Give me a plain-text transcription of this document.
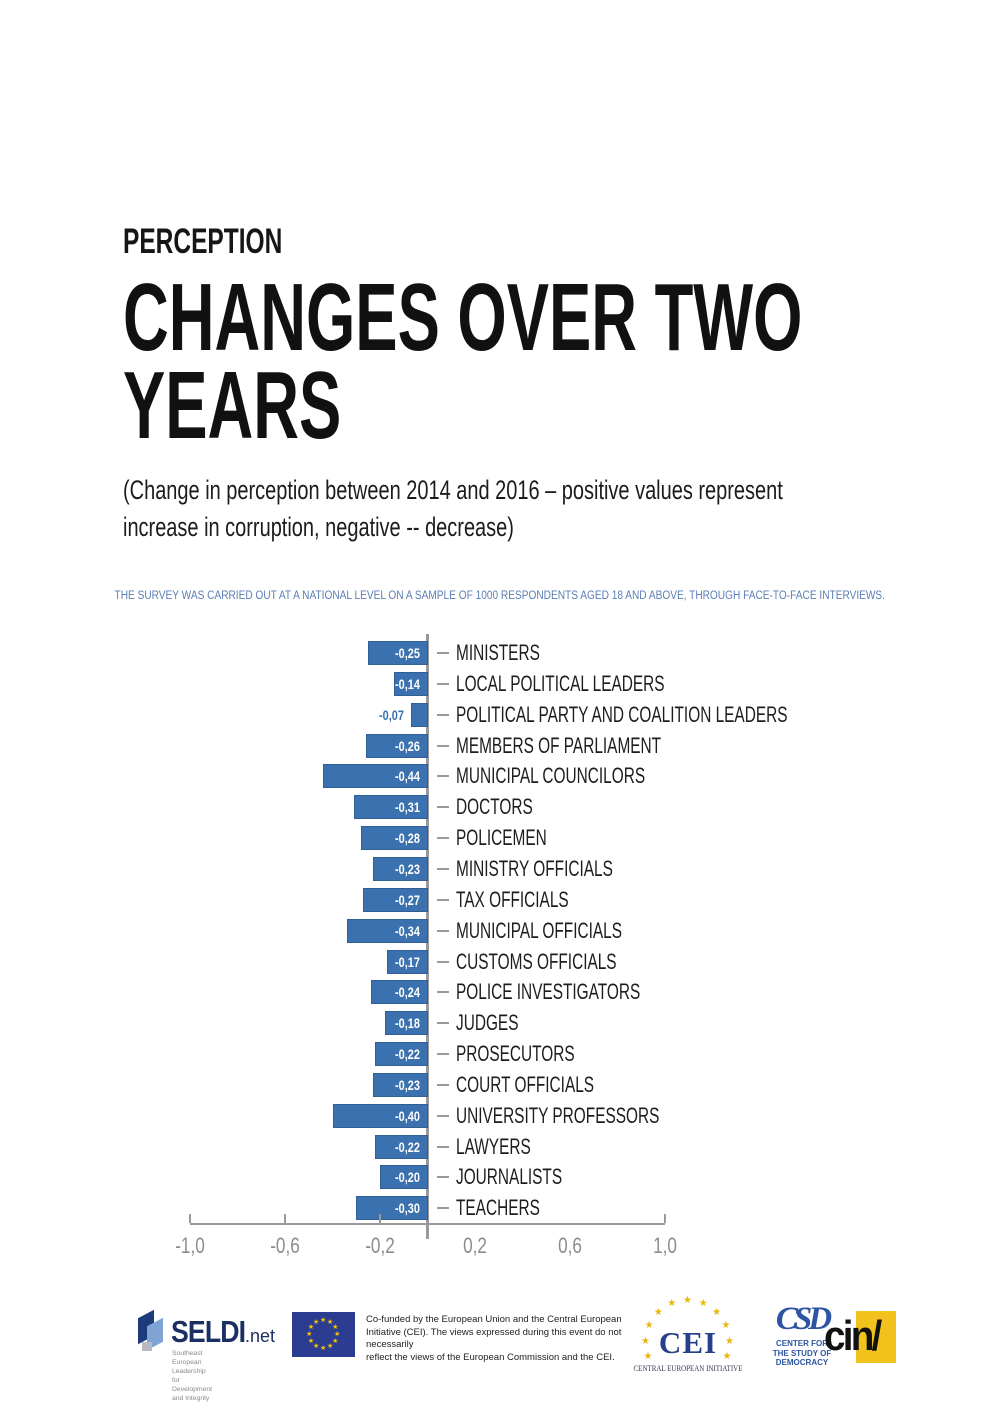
PERCEPTION
CHANGES OVER TWO
YEARS
(Change in perception between 2014 and 2016 – positive values represent
increase in corruption, negative -- decrease)
THE SURVEY WAS CARRIED OUT AT A NATIONAL LEVEL ON A SAMPLE OF 1000 RESPONDENTS AGED 18 AND ABOVE, THROUGH FACE-TO-FACE INTERVIEWS.
-0,25 MINISTERS
-0,14 LOCAL POLITICAL LEADERS
-0,07 POLITICAL PARTY AND COALITION LEADERS
-0,26 MEMBERS OF PARLIAMENT
-0,44 MUNICIPAL COUNCILORS
-0,31 DOCTORS
-0,28 POLICEMEN
-0,23 MINISTRY OFFICIALS
-0,27 TAX OFFICIALS
-0,34 MUNICIPAL OFFICIALS
-0,17 CUSTOMS OFFICIALS
-0,24 POLICE INVESTIGATORS
-0,18 JUDGES
-0,22 PROSECUTORS
-0,23 COURT OFFICIALS
-0,40 UNIVERSITY PROFESSORS
-0,22 LAWYERS
-0,20 JOURNALISTS
-0,30 TEACHERS
-1,0	-0,6	-0,2	0,2	0,6	1,0
SELDI .net
Southeast European Leadership for
Development and Integrity
★ ★
★
★
★
★
★
★
★
★
★
★	Co-funded by the European Union and the Central European
Initiative (CEI). The views expressed during this event do not necessarily
reflect the views of the European Commission and the CEI.	★
★
★
★
★ ★ ★
★
★
★
★
CEI
CENTRAL EUROPEAN INITIATIVE
CSD
CENTER FOR
THE STUDY OF
DEMOCRACY
cin/
